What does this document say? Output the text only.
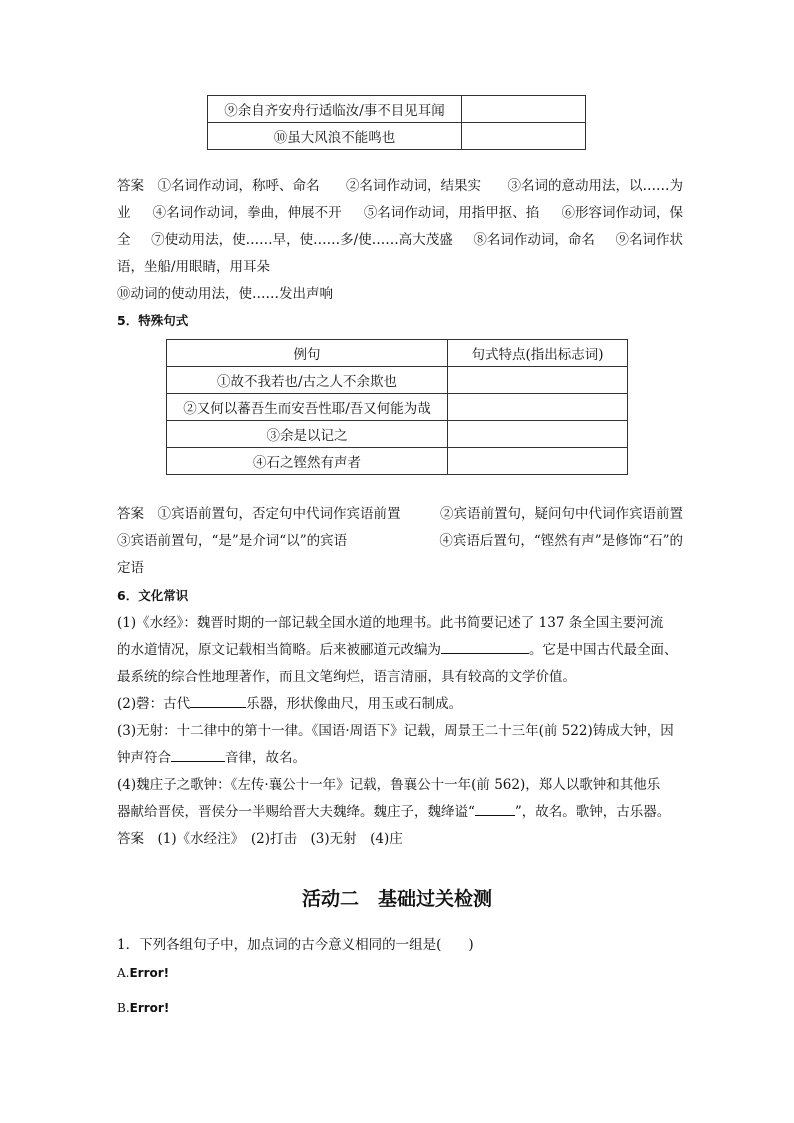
⑨余自齐安舟行适临汝/事不目见耳闻	
⑩虽大风浪不能鸣也	
答案　 ①名词作动词，称呼、命名 ②名词作动词，结果实 ③名词的意动用法，以……为
业 ④名词作动词，拳曲，伸展不开 ⑤名词作动词，用指甲抠、掐 ⑥形容词作动词，保
全 ⑦使动用法，使……早，使……多/使……高大茂盛 ⑧名词作动词，命名 ⑨名词作状
语，坐船/用眼睛，用耳朵
⑩动词的使动用法，使……发出声响
5．特殊句式
例句	句式特点(指出标志词)
①故不我若也/古之人不余欺也	
②又何以蕃吾生而安吾性耶/吾又何能为哉	
③余是以记之	
④石之铿然有声者	
答案　 ①宾语前置句，否定句中代词作宾语前置	②宾语前置句，疑问句中代词作宾语前置
③宾语前置句，“是”是介词“以”的宾语	④宾语后置句，“铿然有声”是修饰“石”的
定语
6．文化常识
(1)《水经》：魏晋时期的一部记载全国水道的地理书。此书简要记述了 137 条全国主要河流
的水道情况，原文记载相当简略。后来被郦道元改编为	。它是中国古代最全面、
最系统的综合性地理著作，而且文笔绚烂，语言清丽，具有较高的文学价值。
(2)磬：古代	乐器，形状像曲尺，用玉或石制成。
(3)无射：十二律中的第十一律。《国语·周语下》记载，周景王二十三年(前 522)铸成大钟，因
钟声符合	音律，故名。
(4)魏庄子之歌钟：《左传·襄公十一年》记载，鲁襄公十一年(前 562)，郑人以歌钟和其他乐
器献给晋侯，晋侯分一半赐给晋大夫魏绛。魏庄子，魏绛谥“	”，故名。歌钟，古乐器。
答案　 (1)《水经注》　(2)打击　(3)无射　(4)庄
活动二　基础过关检测
1．下列各组句子中，加点词的古今意义相同的一组是(　　)
A.Error!
B.Error!
